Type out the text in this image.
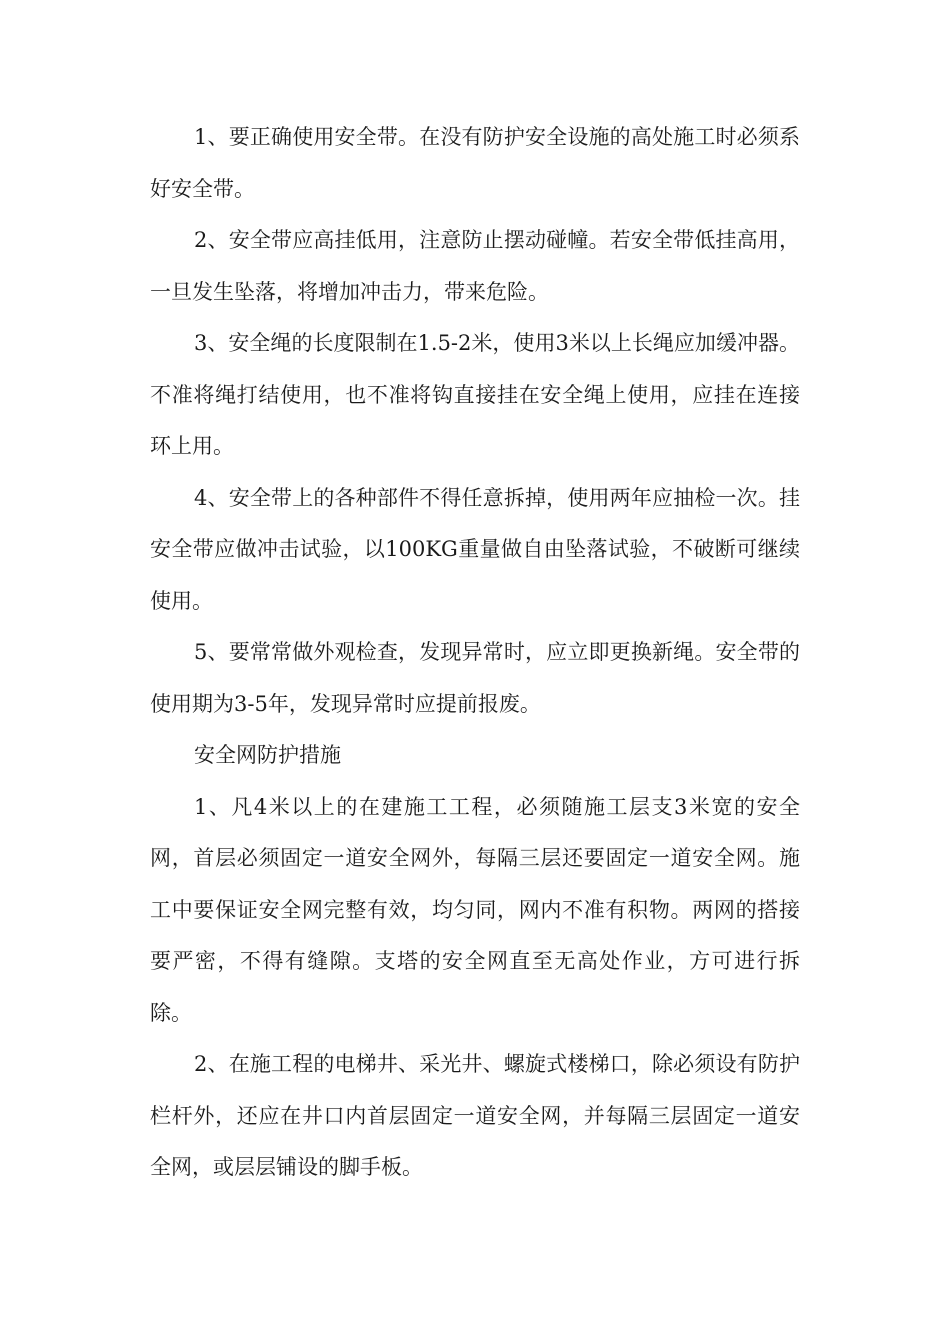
1、要正确使用安全带。在没有防护安全设施的高处施工时必须系好安全带。

2、安全带应高挂低用，注意防止摆动碰幢。若安全带低挂高用，一旦发生坠落，将增加冲击力，带来危险。

3、安全绳的长度限制在1.5-2米，使用3米以上长绳应加缓冲器。不准将绳打结使用，也不准将钩直接挂在安全绳上使用，应挂在连接环上用。

4、安全带上的各种部件不得任意拆掉，使用两年应抽检一次。挂安全带应做冲击试验，以100KG重量做自由坠落试验，不破断可继续使用。

5、要常常做外观检查，发现异常时，应立即更换新绳。安全带的使用期为3-5年，发现异常时应提前报废。

安全网防护措施

1、凡4米以上的在建施工工程，必须随施工层支3米宽的安全网，首层必须固定一道安全网外，每隔三层还要固定一道安全网。施工中要保证安全网完整有效，均匀同，网内不准有积物。两网的搭接要严密，不得有缝隙。支塔的安全网直至无高处作业，方可进行拆除。

2、在施工程的电梯井、采光井、螺旋式楼梯口，除必须设有防护栏杆外，还应在井口内首层固定一道安全网，并每隔三层固定一道安全网，或层层铺设的脚手板。
